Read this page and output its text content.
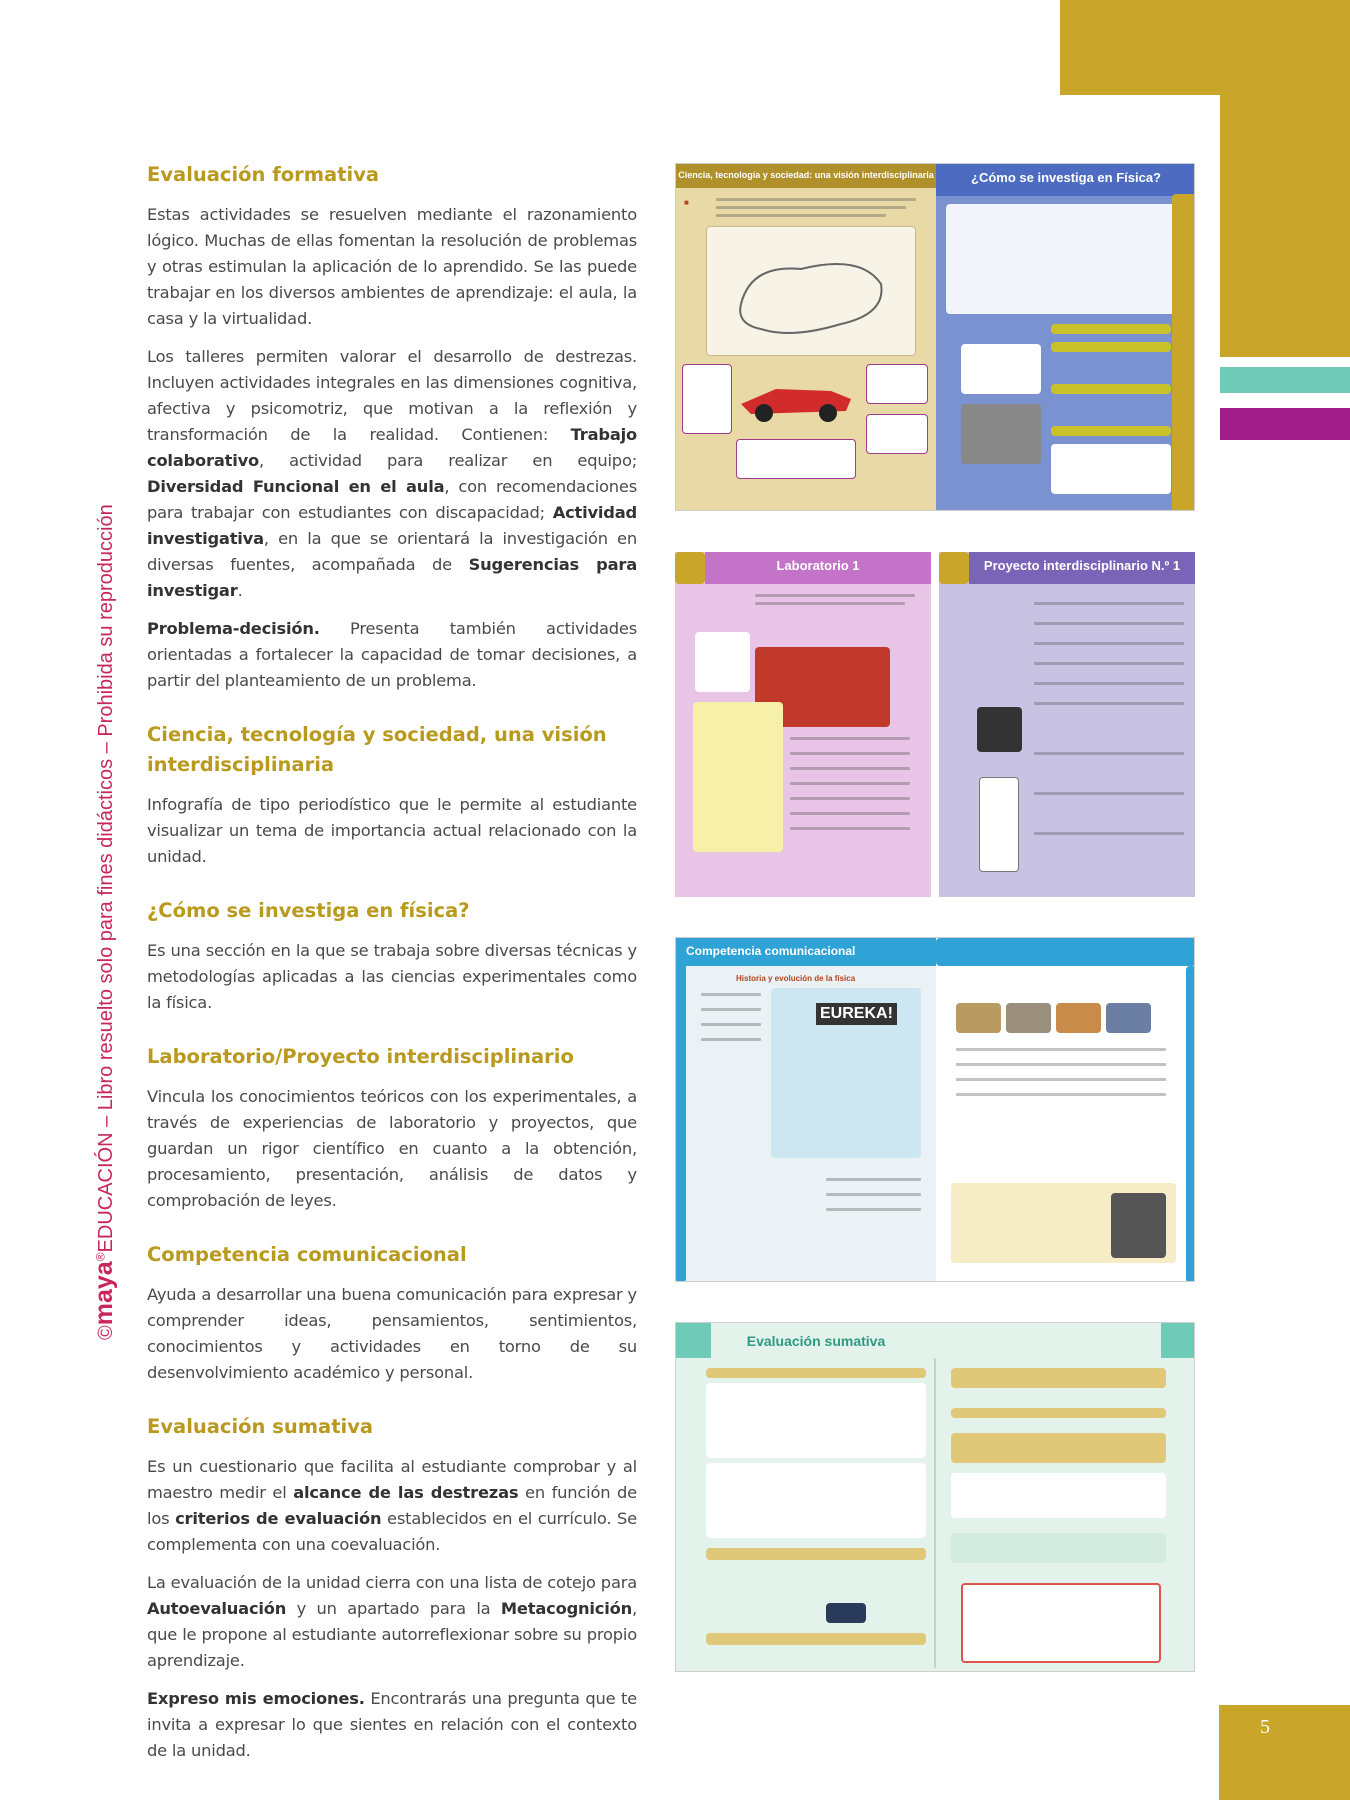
©maya®EDUCACIÓN – Libro resuelto solo para fines didácticos – Prohibida su reproducción
Evaluación formativa

Estas actividades se resuelven mediante el razonamiento lógico. Muchas de ellas fomentan la resolución de problemas y otras estimulan la aplicación de lo aprendido. Se las puede trabajar en los diversos ambientes de aprendizaje: el aula, la casa y la virtualidad.

Los talleres permiten valorar el desarrollo de destrezas. Incluyen actividades integrales en las dimensiones cognitiva, afectiva y psicomotriz, que motivan a la reflexión y transformación de la realidad. Contienen: Trabajo colaborativo, actividad para realizar en equipo; Diversidad Funcional en el aula, con recomendaciones para trabajar con estudiantes con discapacidad; Actividad investigativa, en la que se orientará la investigación en diversas fuentes, acompañada de Sugerencias para investigar.

Problema-decisión. Presenta también actividades orientadas a fortalecer la capacidad de tomar decisiones, a partir del planteamiento de un problema.

Ciencia, tecnología y sociedad, una visión interdisciplinaria

Infografía de tipo periodístico que le permite al estudiante visualizar un tema de importancia actual relacionado con la unidad.

¿Cómo se investiga en física?

Es una sección en la que se trabaja sobre diversas técnicas y metodologías aplicadas a las ciencias experimentales como la física.

Laboratorio/Proyecto interdisciplinario

Vincula los conocimientos teóricos con los experimentales, a través de experiencias de laboratorio y proyectos, que guardan un rigor científico en cuanto a la obtención, procesamiento, presentación, análisis de datos y comprobación de leyes.

Competencia comunicacional

Ayuda a desarrollar una buena comunicación para expresar y comprender ideas, pensamientos, sentimientos, conocimientos y actividades en torno de su desenvolvimiento académico y personal.

Evaluación sumativa

Es un cuestionario que facilita al estudiante comprobar y al maestro medir el alcance de las destrezas en función de los criterios de evaluación establecidos en el currículo. Se complementa con una coevaluación.

La evaluación de la unidad cierra con una lista de cotejo para Autoevaluación y un apartado para la Metacognición, que le propone al estudiante autorreflexionar sobre su propio aprendizaje.

Expreso mis emociones. Encontrarás una pregunta que te invita a expresar lo que sientes en relación con el contexto de la unidad.

Ciencia, tecnología y sociedad: una visión interdisciplinaria
■
¿Cómo se investiga en Física?
Laboratorio 1	Proyecto interdisciplinario N.º 1
Competencia comunicacional
Historia y evolución de la física
EUREKA!
Evaluación sumativa
5
